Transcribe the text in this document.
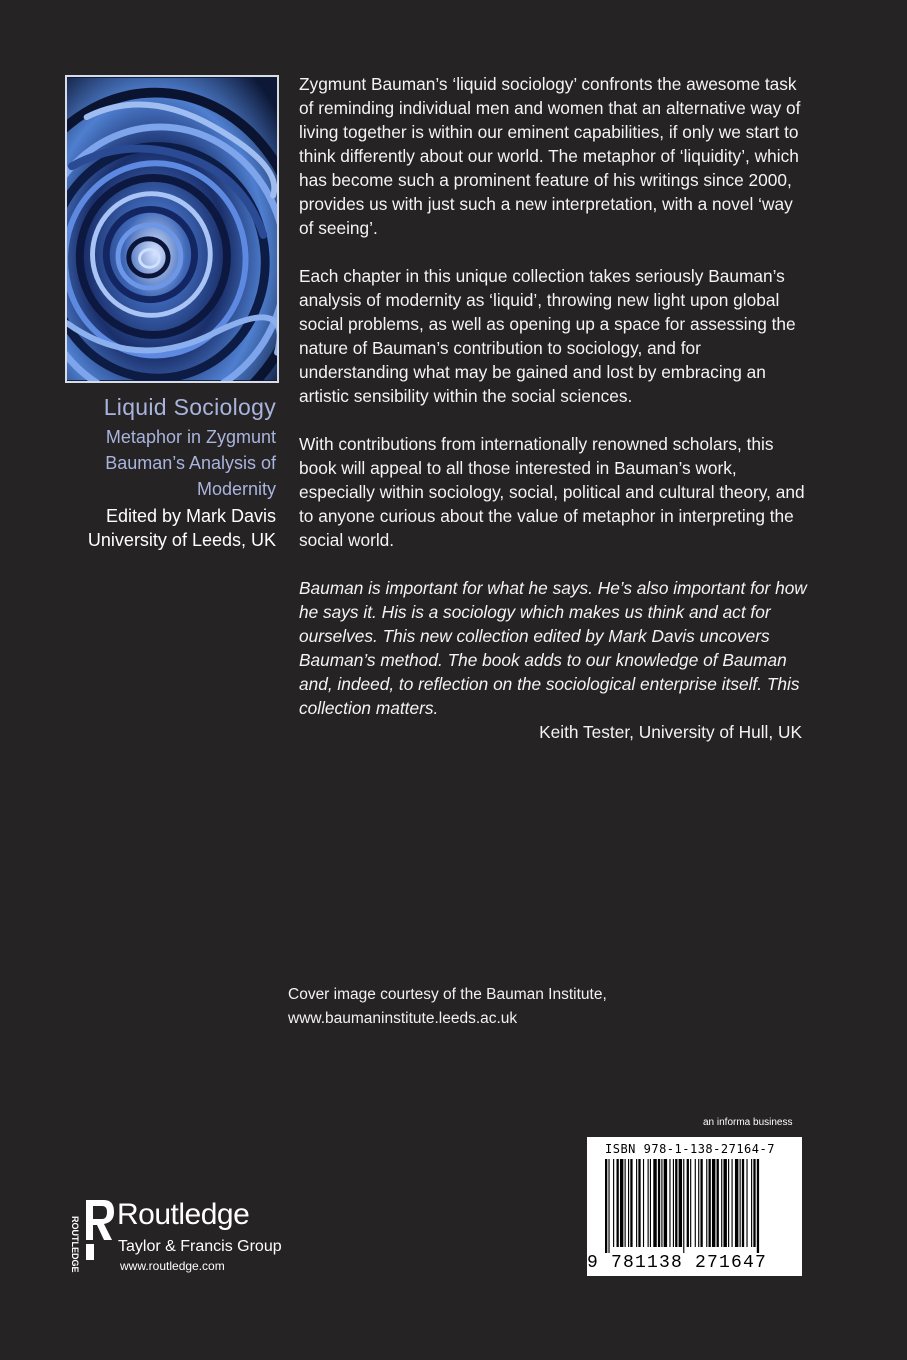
Liquid Sociology
Metaphor in Zygmunt
Bauman’s Analysis of
Modernity
Edited by Mark Davis
University of Leeds, UK

Zygmunt Bauman’s ‘liquid sociology’ confronts the awesome task of reminding individual men and women that an alternative way of living together is within our eminent capabilities, if only we start to think differently about our world. The metaphor of ‘liquidity’, which has become such a prominent feature of his writings since 2000, provides us with just such a new interpretation, with a novel ‘way of seeing’.

Each chapter in this unique collection takes seriously Bauman’s analysis of modernity as ‘liquid’, throwing new light upon global social problems, as well as opening up a space for assessing the nature of Bauman’s contribution to sociology, and for understanding what may be gained and lost by embracing an artistic sensibility within the social sciences.

With contributions from internationally renowned scholars, this book will appeal to all those interested in Bauman’s work, especially within sociology, social, political and cultural theory, and to anyone curious about the value of metaphor in interpreting the social world.

Bauman is important for what he says. He’s also important for how he says it. His is a sociology which makes us think and act for ourselves. This new collection edited by Mark Davis uncovers Bauman’s method. The book adds to our knowledge of Bauman and, indeed, to reflection on the sociological enterprise itself. This collection matters.

Keith Tester, University of Hull, UK

Cover image courtesy of the Bauman Institute,
www.baumaninstitute.leeds.ac.uk
ROUTLEDGE
Routledge
Taylor & Francis Group
www.routledge.com
an informa business
ISBN 978-1-138-27164-7
9 781138 271647
